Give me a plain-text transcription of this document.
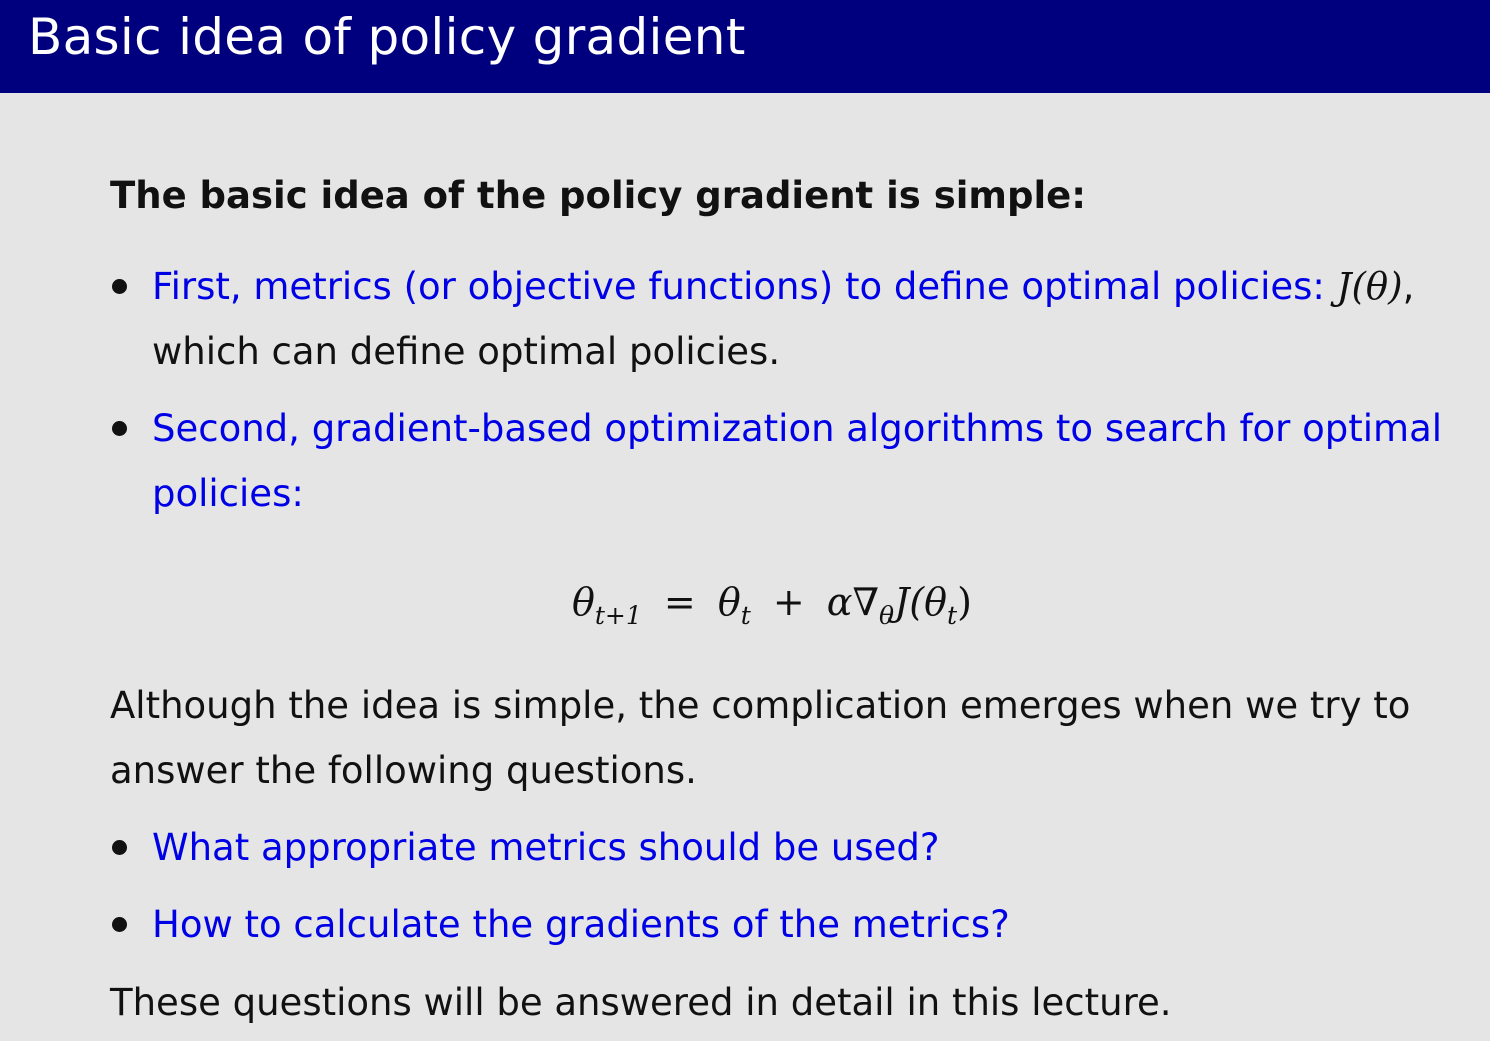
Basic idea of policy gradient
The basic idea of the policy gradient is simple:
First, metrics (or objective functions) to define optimal policies: J(θ),
which can define optimal policies.
Second, gradient-based optimization algorithms to search for optimal
policies:
$\theta_{t+1} = \theta_t + \alpha\nabla_\theta J(\theta_t)$
Although the idea is simple, the complication emerges when we try to
answer the following questions.
What appropriate metrics should be used?
How to calculate the gradients of the metrics?
These questions will be answered in detail in this lecture.
